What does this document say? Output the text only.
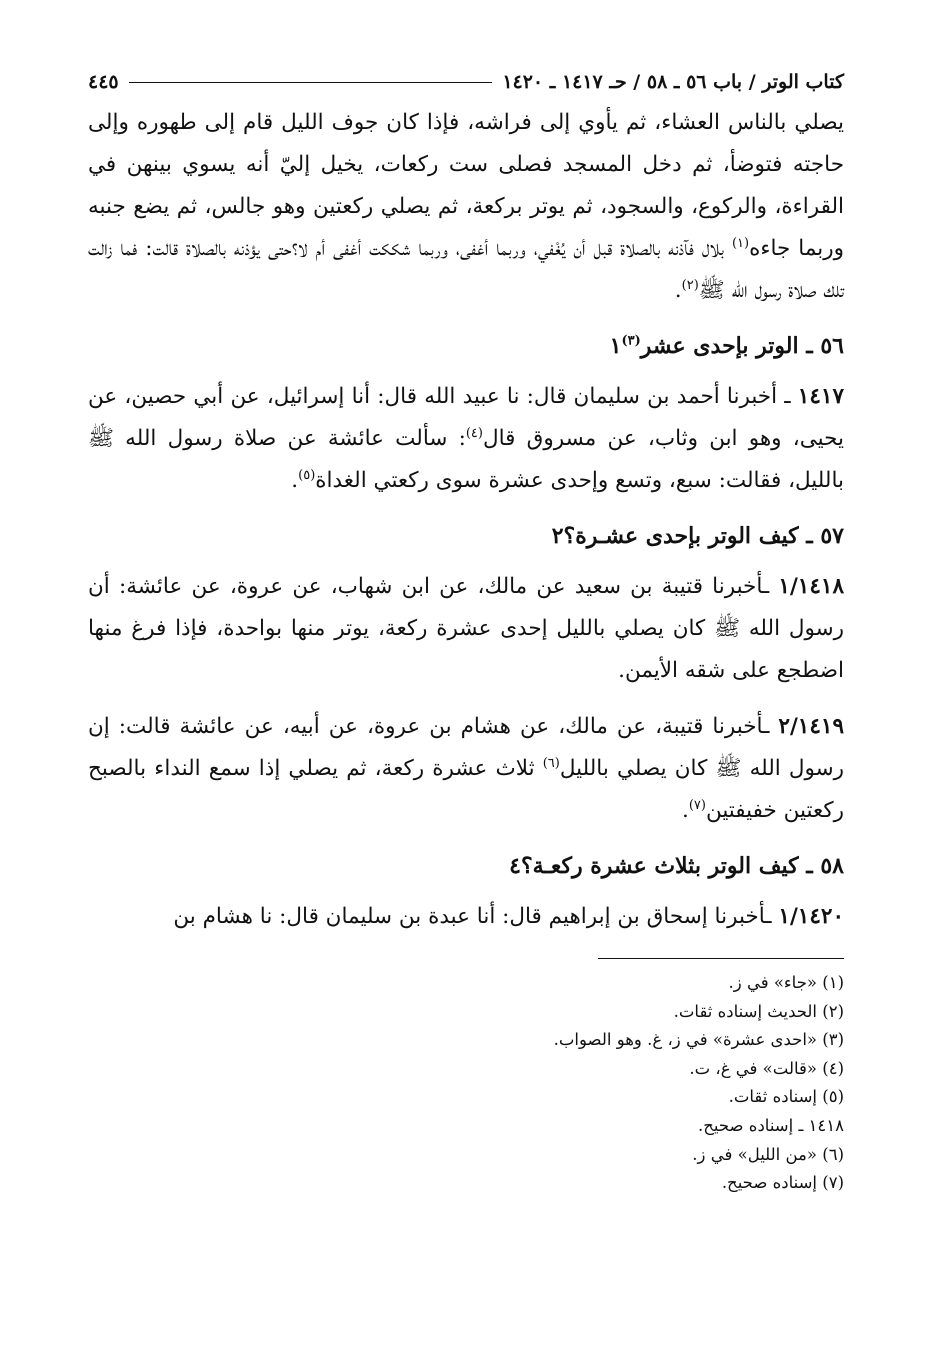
كتاب الوتر / باب ٥٦ ـ ٥٨ / حـ ١٤١٧ ـ ١٤٢٠
٤٤٥

يصلي بالناس العشاء، ثم يأوي إلى فراشه، فإذا كان جوف الليل قام إلى طهوره وإلى حاجته فتوضأ، ثم دخل المسجد فصلى ست ركعات، يخيل إليّ أنه يسوي بينهن في القراءة، والركوع، والسجود، ثم يوتر بركعة، ثم يصلي ركعتين وهو جالس، ثم يضع جنبه وربما جاءه$^{(١)}$ بلال فآذنه بالصلاة قبل أن يُغْفي، وربما أغفى، وربما شككت أغفى أم لا؟حتى يؤذنه بالصلاة قالت: فما زالت تلك صلاة رسول الله ﷺ$^{(٢)}$.

٥٦ ـ الوتر بإحدى عشر$^{(٣)}$١

١٤١٧ ـ أخبرنا أحمد بن سليمان قال: نا عبيد الله قال: أنا إسرائيل، عن أبي حصين، عن يحيى، وهو ابن وثاب، عن مسروق قال$^{(٤)}$: سألت عائشة عن صلاة رسول الله ﷺ بالليل، فقالت: سبع، وتسع وإحدى عشرة سوى ركعتي الغداة$^{(٥)}$.

٥٧ ـ كيف الوتر بإحدى عشـرة؟٢

١/١٤١٨ ـأخبرنا قتيبة بن سعيد عن مالك، عن ابن شهاب، عن عروة، عن عائشة: أن رسول الله ﷺ كان يصلي بالليل إحدى عشرة ركعة، يوتر منها بواحدة، فإذا فرغ منها اضطجع على شقه الأيمن.

٢/١٤١٩ ـأخبرنا قتيبة، عن مالك، عن هشام بن عروة، عن أبيه، عن عائشة قالت: إن رسول الله ﷺ كان يصلي بالليل$^{(٦)}$ ثلاث عشرة ركعة، ثم يصلي إذا سمع النداء بالصبح ركعتين خفيفتين$^{(٧)}$.

٥٨ ـ كيف الوتر بثلاث عشرة ركعـة؟٤

١/١٤٢٠ ـأخبرنا إسحاق بن إبراهيم قال: أنا عبدة بن سليمان قال: نا هشام بن

(١) «جاء» في ز.

(٢) الحديث إسناده ثقات.

(٣) «احدى عشرة» في ز، غ. وهو الصواب.

(٤) «قالت» في غ، ت.

(٥) إسناده ثقات.

١٤١٨ ـ إسناده صحيح.

(٦) «من الليل» في ز.

(٧) إسناده صحيح.
